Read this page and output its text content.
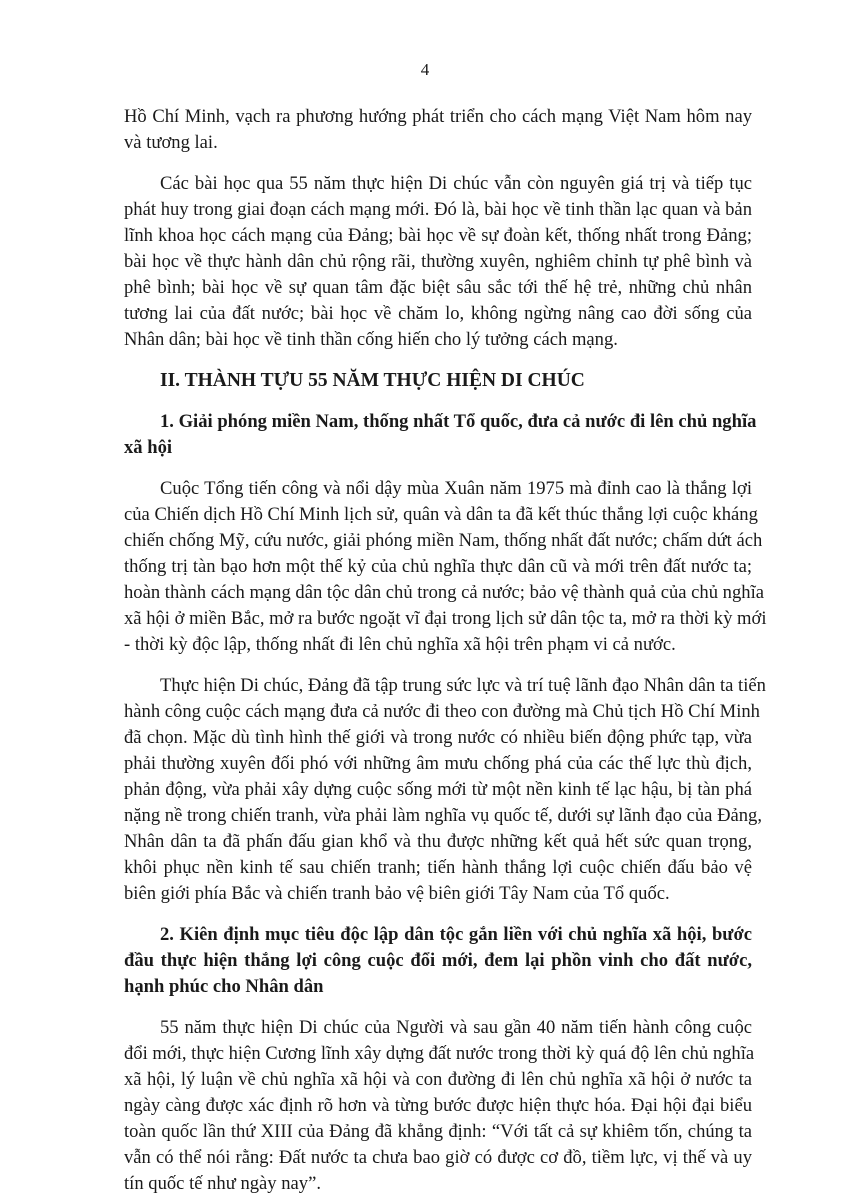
4
Hồ Chí Minh, vạch ra phương hướng phát triển cho cách mạng Việt Nam hôm nay
và tương lai.
Các bài học qua 55 năm thực hiện Di chúc vẫn còn nguyên giá trị và tiếp tục
phát huy trong giai đoạn cách mạng mới. Đó là, bài học về tinh thần lạc quan và bản
lĩnh khoa học cách mạng của Đảng; bài học về sự đoàn kết, thống nhất trong Đảng;
bài học về thực hành dân chủ rộng rãi, thường xuyên, nghiêm chỉnh tự phê bình và
phê bình; bài học về sự quan tâm đặc biệt sâu sắc tới thế hệ trẻ, những chủ nhân
tương lai của đất nước; bài học về chăm lo, không ngừng nâng cao đời sống của
Nhân dân; bài học về tinh thần cống hiến cho lý tưởng cách mạng.
II. THÀNH TỰU 55 NĂM THỰC HIỆN DI CHÚC
1. Giải phóng miền Nam, thống nhất Tổ quốc, đưa cả nước đi lên chủ nghĩa
xã hội
Cuộc Tổng tiến công và nổi dậy mùa Xuân năm 1975 mà đỉnh cao là thắng lợi
của Chiến dịch Hồ Chí Minh lịch sử, quân và dân ta đã kết thúc thắng lợi cuộc kháng
chiến chống Mỹ, cứu nước, giải phóng miền Nam, thống nhất đất nước; chấm dứt ách
thống trị tàn bạo hơn một thế kỷ của chủ nghĩa thực dân cũ và mới trên đất nước ta;
hoàn thành cách mạng dân tộc dân chủ trong cả nước; bảo vệ thành quả của chủ nghĩa
xã hội ở miền Bắc, mở ra bước ngoặt vĩ đại trong lịch sử dân tộc ta, mở ra thời kỳ mới
- thời kỳ độc lập, thống nhất đi lên chủ nghĩa xã hội trên phạm vi cả nước.
Thực hiện Di chúc, Đảng đã tập trung sức lực và trí tuệ lãnh đạo Nhân dân ta tiến
hành công cuộc cách mạng đưa cả nước đi theo con đường mà Chủ tịch Hồ Chí Minh
đã chọn. Mặc dù tình hình thế giới và trong nước có nhiều biến động phức tạp, vừa
phải thường xuyên đối phó với những âm mưu chống phá của các thế lực thù địch,
phản động, vừa phải xây dựng cuộc sống mới từ một nền kinh tế lạc hậu, bị tàn phá
nặng nề trong chiến tranh, vừa phải làm nghĩa vụ quốc tế, dưới sự lãnh đạo của Đảng,
Nhân dân ta đã phấn đấu gian khổ và thu được những kết quả hết sức quan trọng,
khôi phục nền kinh tế sau chiến tranh; tiến hành thắng lợi cuộc chiến đấu bảo vệ
biên giới phía Bắc và chiến tranh bảo vệ biên giới Tây Nam của Tổ quốc.
2. Kiên định mục tiêu độc lập dân tộc gắn liền với chủ nghĩa xã hội, bước
đầu thực hiện thắng lợi công cuộc đổi mới, đem lại phồn vinh cho đất nước,
hạnh phúc cho Nhân dân
55 năm thực hiện Di chúc của Người và sau gần 40 năm tiến hành công cuộc
đổi mới, thực hiện Cương lĩnh xây dựng đất nước trong thời kỳ quá độ lên chủ nghĩa
xã hội, lý luận về chủ nghĩa xã hội và con đường đi lên chủ nghĩa xã hội ở nước ta
ngày càng được xác định rõ hơn và từng bước được hiện thực hóa. Đại hội đại biểu
toàn quốc lần thứ XIII của Đảng đã khẳng định: “Với tất cả sự khiêm tốn, chúng ta
vẫn có thể nói rằng: Đất nước ta chưa bao giờ có được cơ đồ, tiềm lực, vị thế và uy
tín quốc tế như ngày nay”.
